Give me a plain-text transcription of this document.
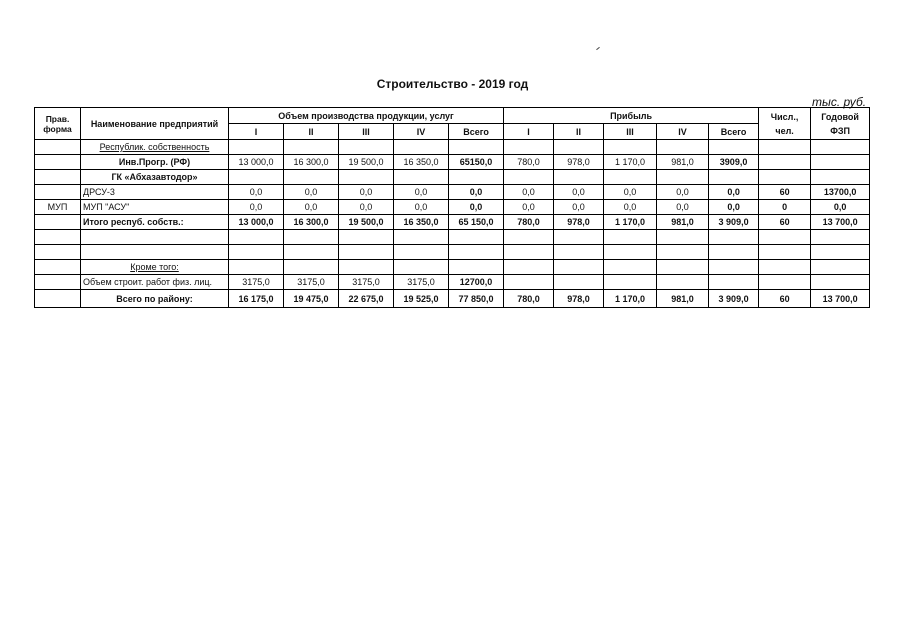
Строительство - 2019 год
тыс. руб.
Прав. форма	Наименование предприятий	Объем производства продукции, услуг					Прибыль					Числ., чел.	Годовой ФЗП
		I	II	III	IV	Всего	I	II	III	IV	Всего		
	Республик. собственность												
	Инв.Прогр. (РФ)	13 000,0	16 300,0	19 500,0	16 350,0	65150,0	780,0	978,0	1 170,0	981,0	3909,0		
	ГК «Абхазавтодор»												
	ДРСУ-3	0,0	0,0	0,0	0,0	0,0	0,0	0,0	0,0	0,0	0,0	60	13700,0
МУП	МУП "АСУ"	0,0	0,0	0,0	0,0	0,0	0,0	0,0	0,0	0,0	0,0	0	0,0
	Итого респуб. собств.:	13 000,0	16 300,0	19 500,0	16 350,0	65 150,0	780,0	978,0	1 170,0	981,0	3 909,0	60	13 700,0

	Кроме того:												
	Объем строит. работ физ. лиц.	3175,0	3175,0	3175,0	3175,0	12700,0							
	Всего по району:	16 175,0	19 475,0	22 675,0	19 525,0	77 850,0	780,0	978,0	1 170,0	981,0	3 909,0	60	13 700,0
